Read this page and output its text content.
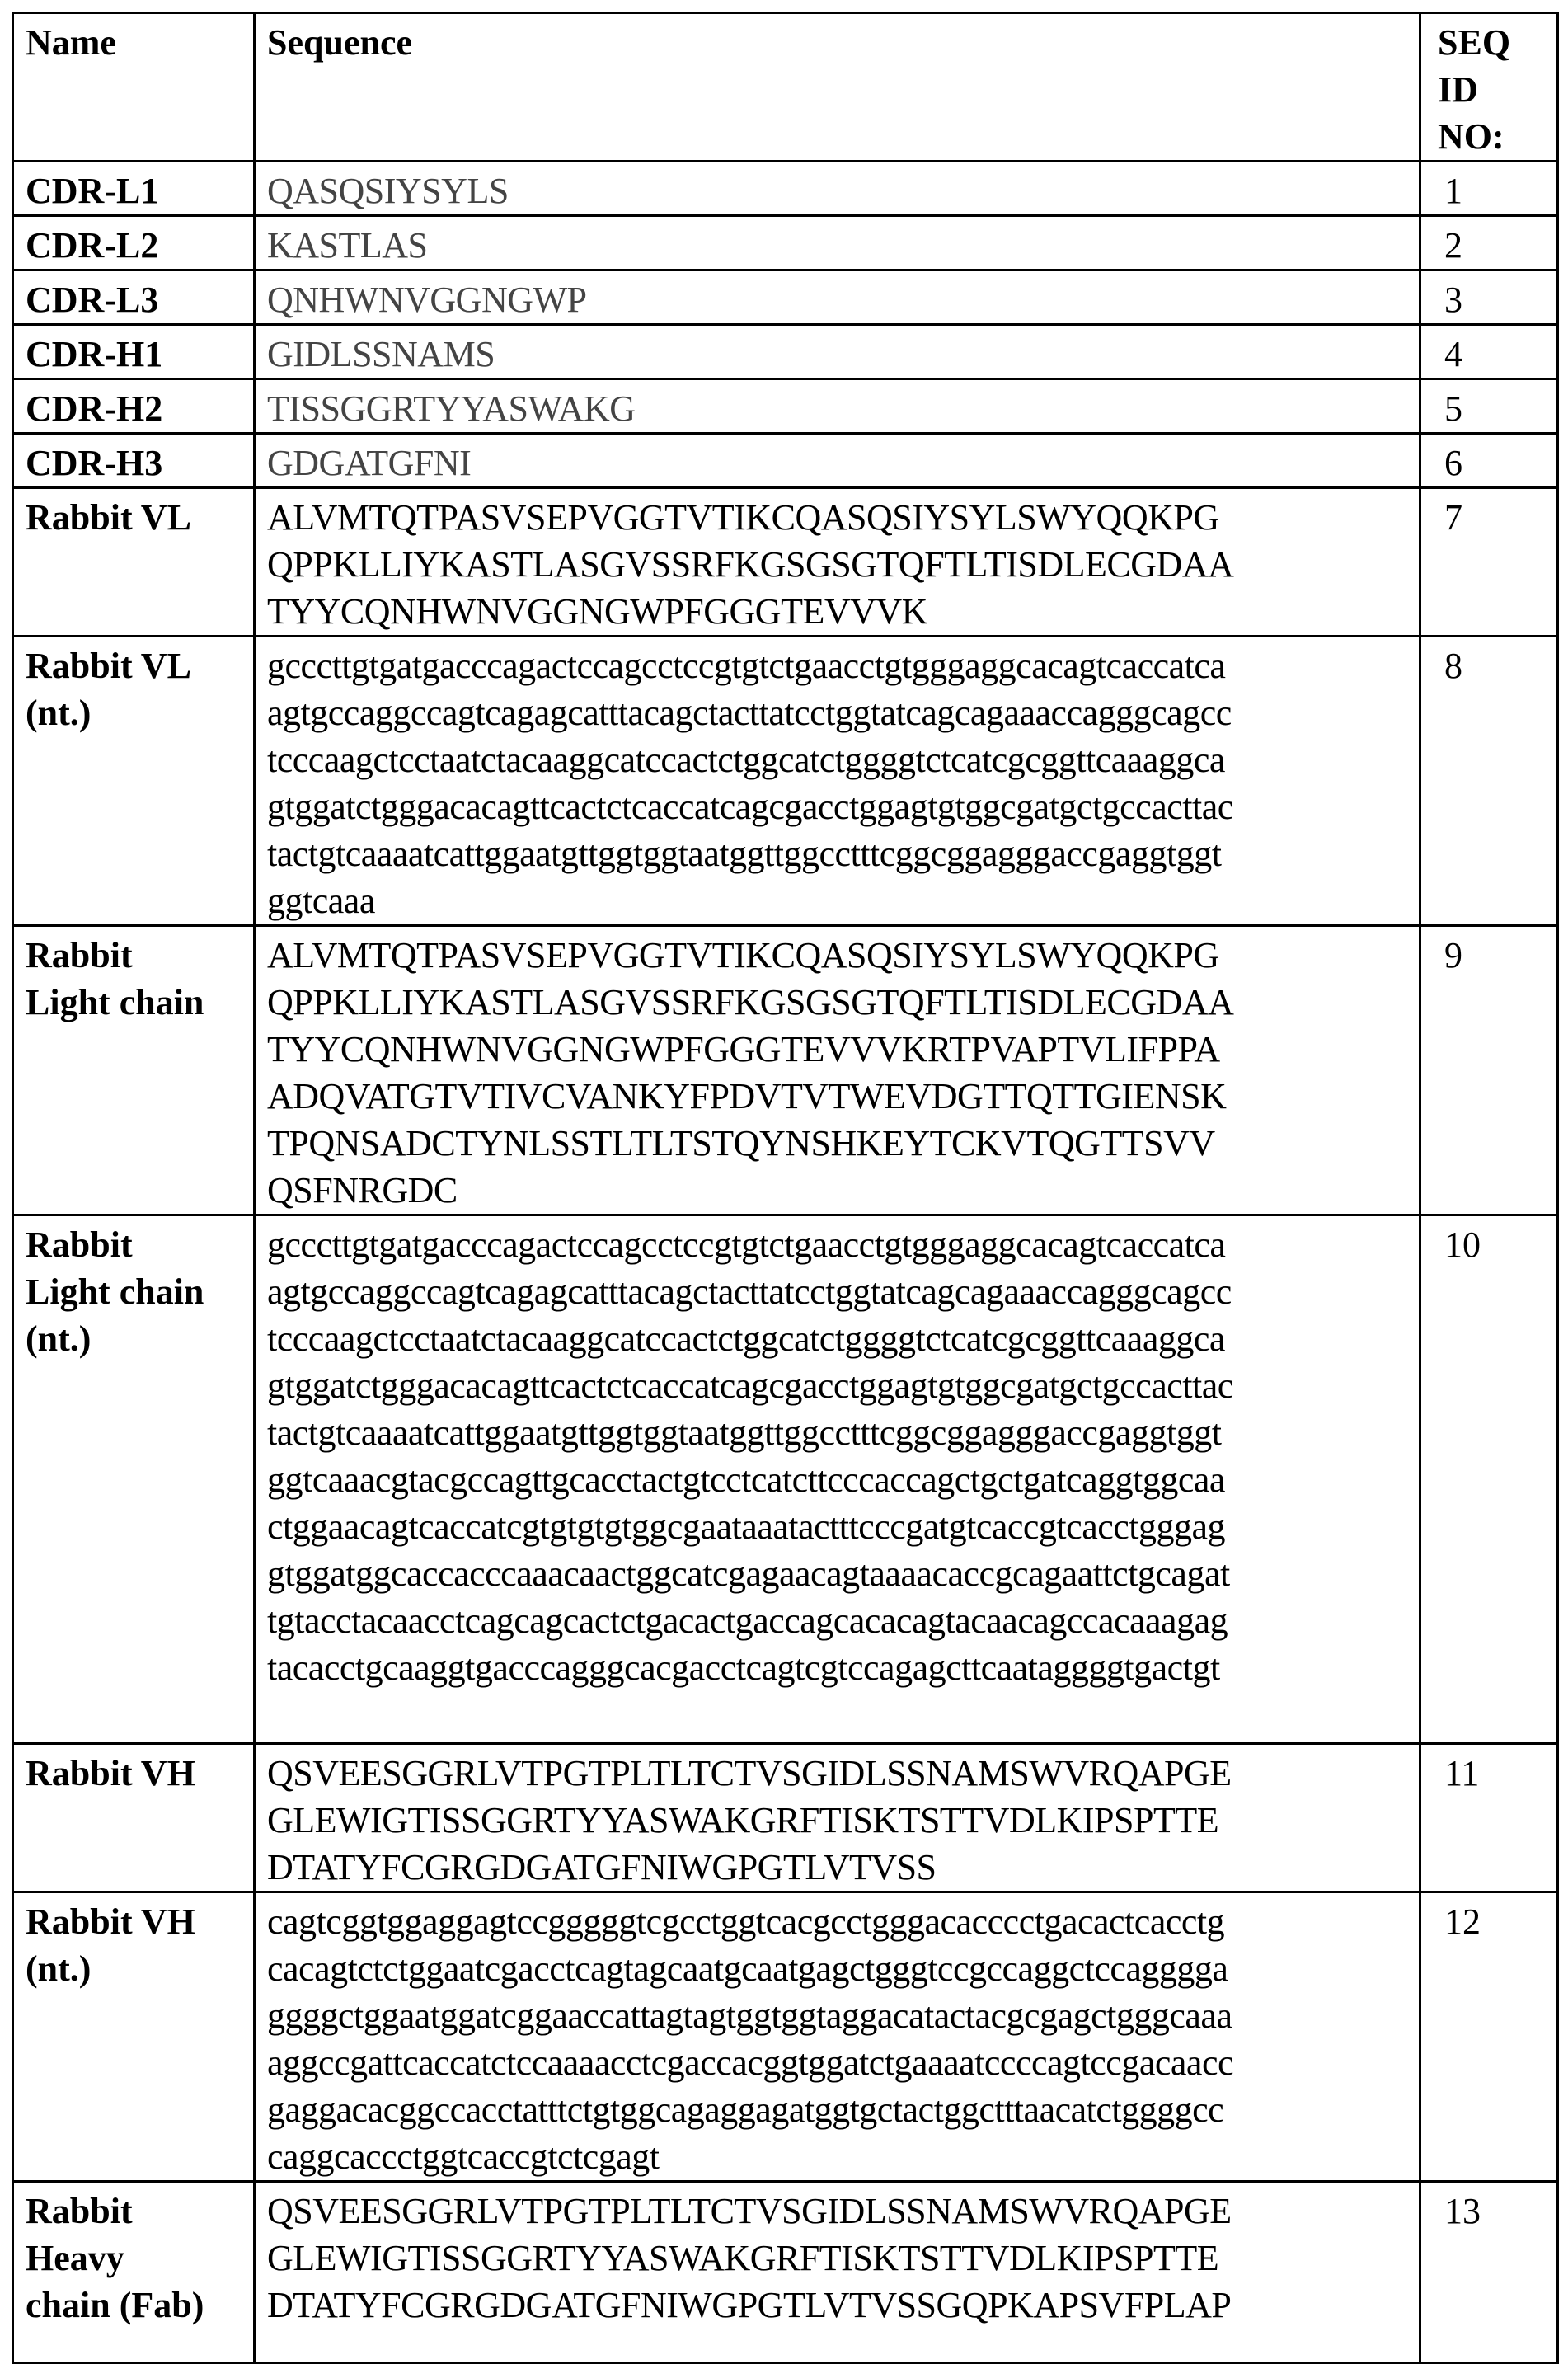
Name	Sequence	SEQ
ID
NO:

CDR-L1	QASQSIYSYLS	1

CDR-L2	KASTLAS	2

CDR-L3	QNHWNVGGNGWP	3

CDR-H1	GIDLSSNAMS	4

CDR-H2	TISSGGRTYYASWAKG	5

CDR-H3	GDGATGFNI	6

Rabbit VL	ALVMTQTPASVSEPVGGTVTIKCQASQSIYSYLSWYQQKPG
QPPKLLIYKASTLASGVSSRFKGSGSGTQFTLTISDLECGDAA
TYYCQNHWNVGGNGWPFGGGTEVVVK
	7

Rabbit VL
(nt.)

gcccttgtgatgacccagactccagcctccgtgtctgaacctgtgggaggcacagtcaccatca
agtgccaggccagtcagagcatttacagctacttatcctggtatcagcagaaaccagggcagcc
tcccaagctcctaatctacaaggcatccactctggcatctggggtctcatcgcggttcaaaggca
gtggatctgggacacagttcactctcaccatcagcgacctggagtgtggcgatgctgccacttac
tactgtcaaaatcattggaatgttggtggtaatggttggcctttcggcggagggaccgaggtggt
ggtcaaa
	8

Rabbit
Light chain

ALVMTQTPASVSEPVGGTVTIKCQASQSIYSYLSWYQQKPG
QPPKLLIYKASTLASGVSSRFKGSGSGTQFTLTISDLECGDAA
TYYCQNHWNVGGNGWPFGGGTEVVVKRTPVAPTVLIFPPA
ADQVATGTVTIVCVANKYFPDVTVTWEVDGTTQTTGIENSK
TPQNSADCTYNLSSTLTLTSTQYNSHKEYTCKVTQGTTSVV
QSFNRGDC
	9

Rabbit
Light chain
(nt.)

gcccttgtgatgacccagactccagcctccgtgtctgaacctgtgggaggcacagtcaccatca
agtgccaggccagtcagagcatttacagctacttatcctggtatcagcagaaaccagggcagcc
tcccaagctcctaatctacaaggcatccactctggcatctggggtctcatcgcggttcaaaggca
gtggatctgggacacagttcactctcaccatcagcgacctggagtgtggcgatgctgccacttac
tactgtcaaaatcattggaatgttggtggtaatggttggcctttcggcggagggaccgaggtggt
ggtcaaacgtacgccagttgcacctactgtcctcatcttcccaccagctgctgatcaggtggcaa
ctggaacagtcaccatcgtgtgtgtggcgaataaatactttcccgatgtcaccgtcacctgggag
gtggatggcaccacccaaacaactggcatcgagaacagtaaaacaccgcagaattctgcagat
tgtacctacaacctcagcagcactctgacactgaccagcacacagtacaacagccacaaagag
tacacctgcaaggtgacccagggcacgacctcagtcgtccagagcttcaataggggtgactgt
	10

Rabbit VH	QSVEESGGRLVTPGTPLTLTCTVSGIDLSSNAMSWVRQAPGE
GLEWIGTISSGGRTYYASWAKGRFTISKTSTTVDLKIPSPTTE
DTATYFCGRGDGATGFNIWGPGTLVTVSS
	11

Rabbit VH
(nt.)

cagtcggtggaggagtccgggggtcgcctggtcacgcctgggacacccctgacactcacctg
cacagtctctggaatcgacctcagtagcaatgcaatgagctgggtccgccaggctccagggga
ggggctggaatggatcggaaccattagtagtggtggtaggacatactacgcgagctgggcaaa
aggccgattcaccatctccaaaacctcgaccacggtggatctgaaaatccccagtccgacaacc
gaggacacggccacctatttctgtggcagaggagatggtgctactggctttaacatctggggcc
caggcaccctggtcaccgtctcgagt
	12

Rabbit
Heavy
chain (Fab)

QSVEESGGRLVTPGTPLTLTCTVSGIDLSSNAMSWVRQAPGE
GLEWIGTISSGGRTYYASWAKGRFTISKTSTTVDLKIPSPTTE
DTATYFCGRGDGATGFNIWGPGTLVTVSSGQPKAPSVFPLAP
	13
